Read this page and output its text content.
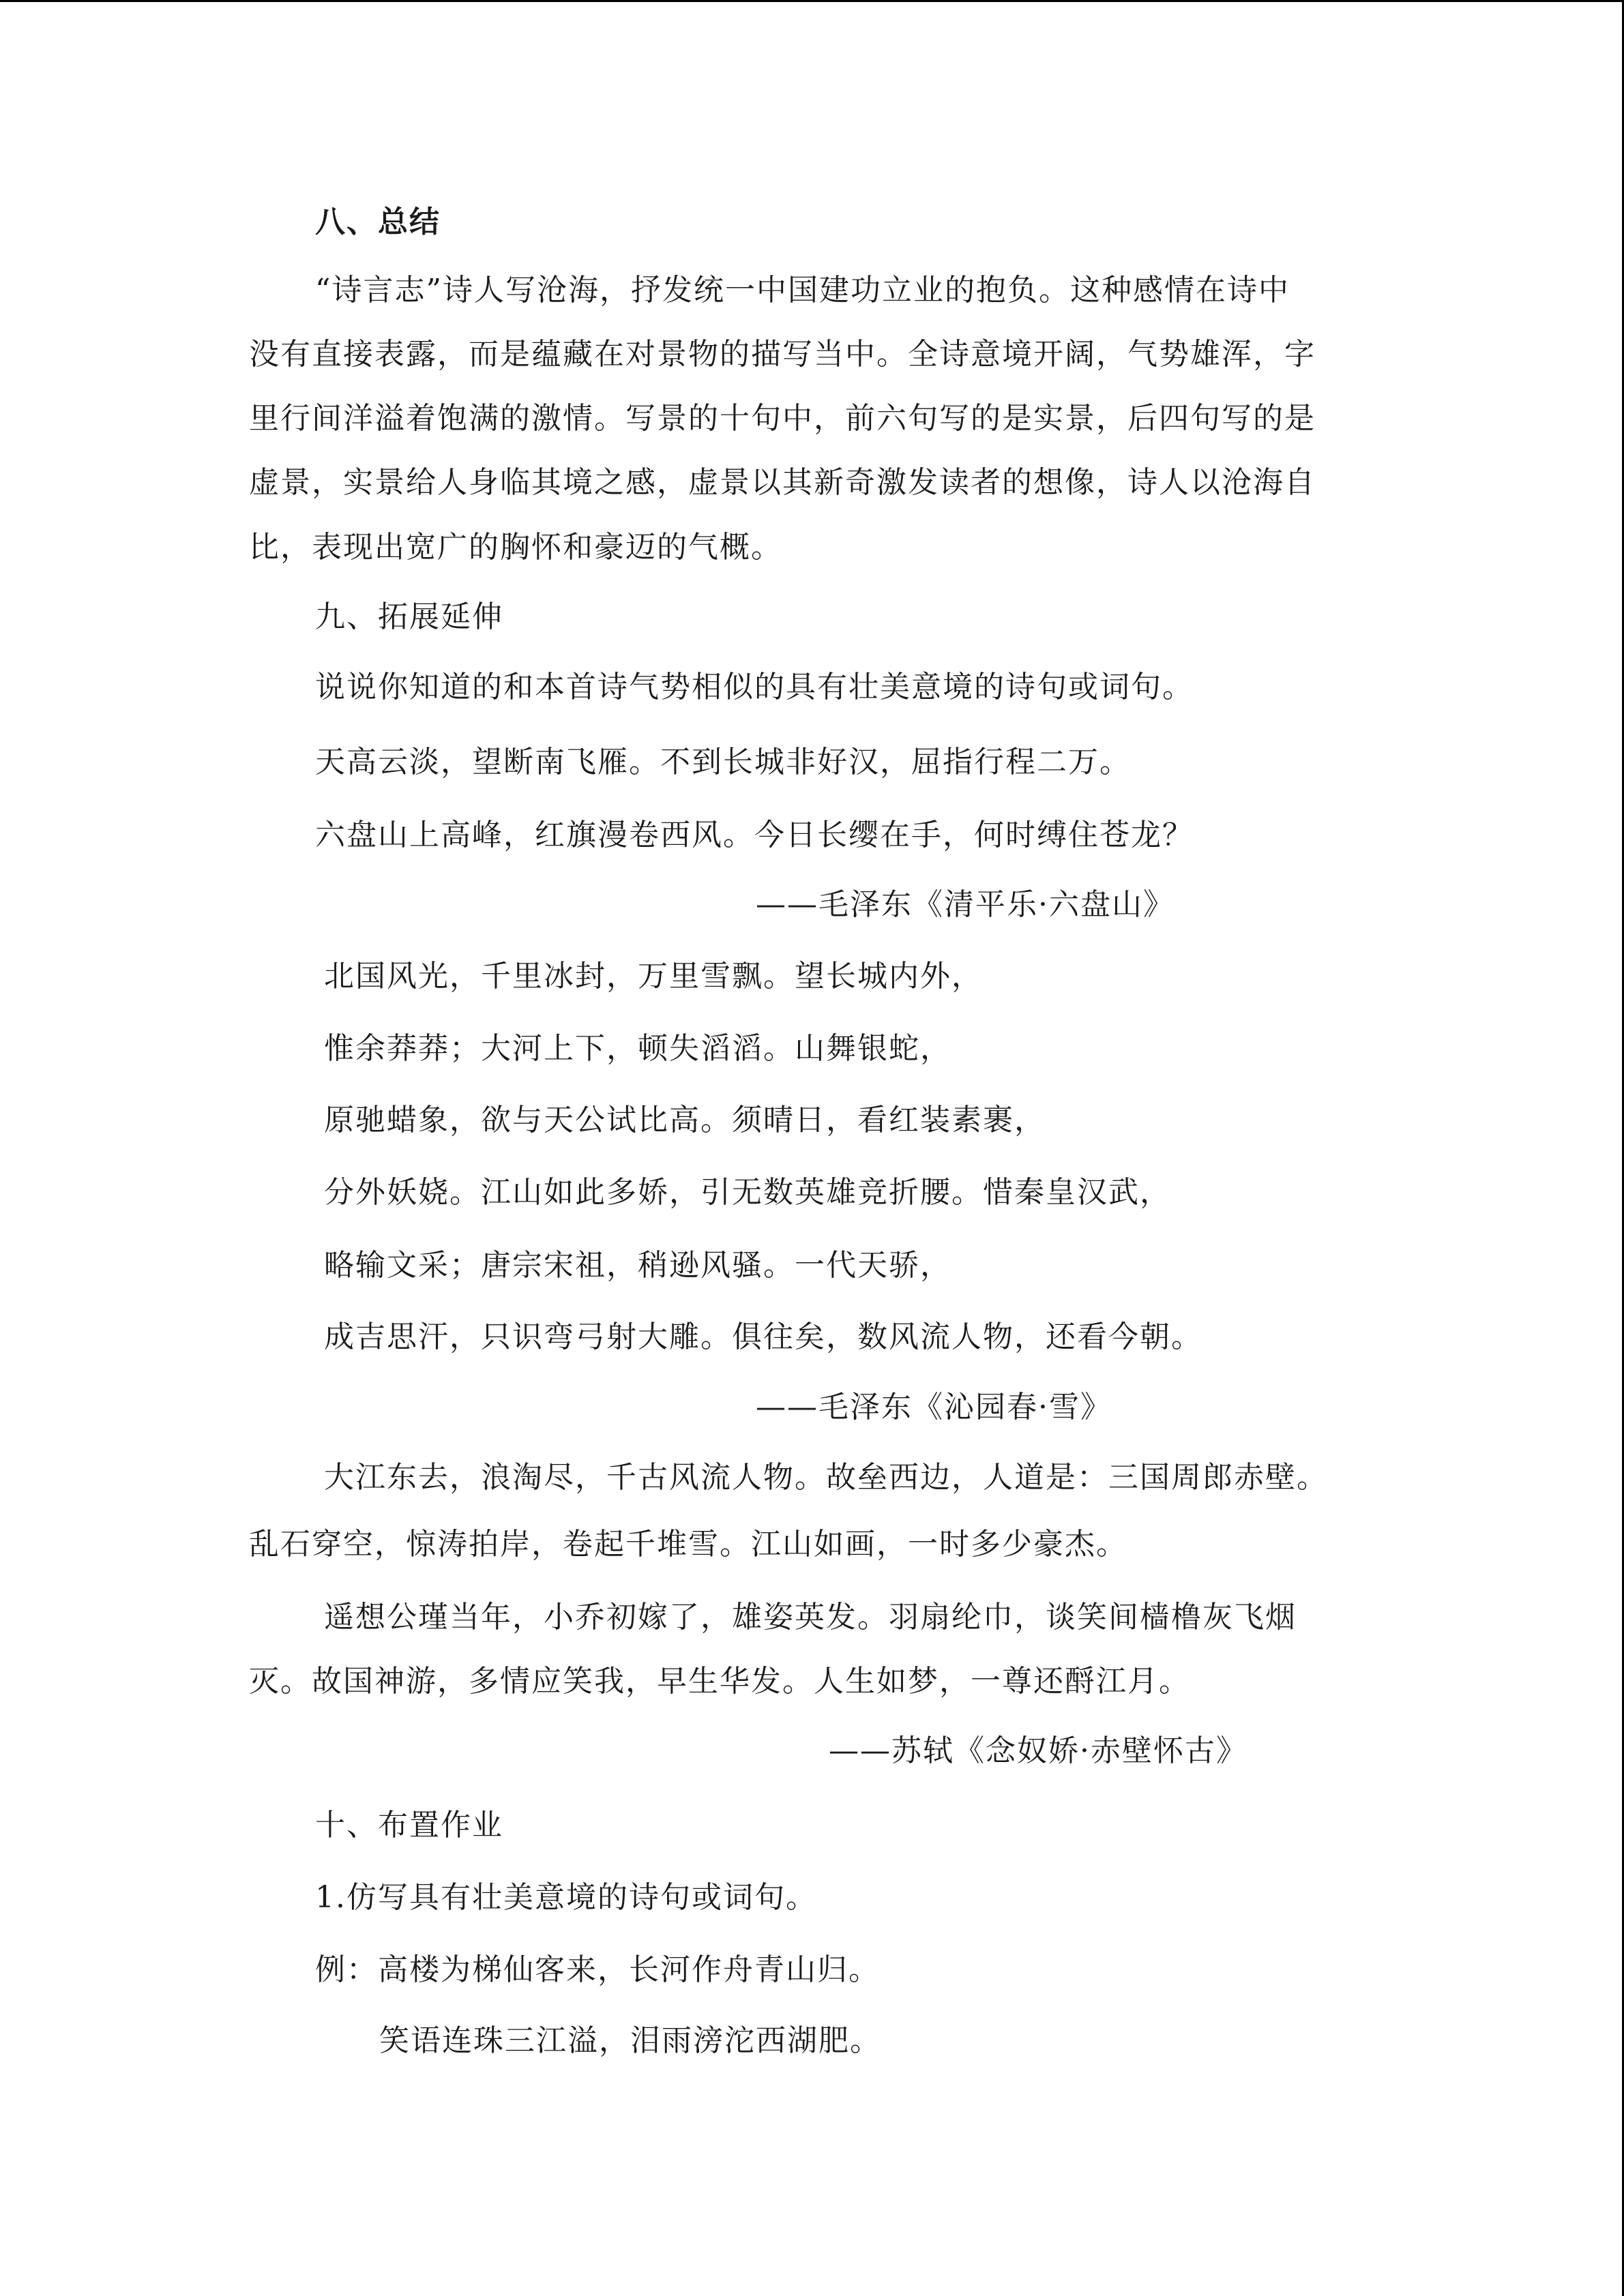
八、总结

“诗言志”诗人写沧海，抒发统一中国建功立业的抱负。这种感情在诗中

没有直接表露，而是蕴藏在对景物的描写当中。全诗意境开阔，气势雄浑，字

里行间洋溢着饱满的激情。写景的十句中，前六句写的是实景，后四句写的是

虚景，实景给人身临其境之感，虚景以其新奇激发读者的想像，诗人以沧海自

比，表现出宽广的胸怀和豪迈的气概。

九、拓展延伸

说说你知道的和本首诗气势相似的具有壮美意境的诗句或词句。

天高云淡，望断南飞雁。不到长城非好汉，屈指行程二万。

六盘山上高峰，红旗漫卷西风。今日长缨在手，何时缚住苍龙？

——毛泽东《清平乐·六盘山》

北国风光，千里冰封，万里雪飘。望长城内外，

惟余莽莽；大河上下，顿失滔滔。山舞银蛇，

原驰蜡象，欲与天公试比高。须晴日，看红装素裹，

分外妖娆。江山如此多娇，引无数英雄竞折腰。惜秦皇汉武，

略输文采；唐宗宋祖，稍逊风骚。一代天骄，

成吉思汗，只识弯弓射大雕。俱往矣，数风流人物，还看今朝。

——毛泽东《沁园春·雪》

大江东去，浪淘尽，千古风流人物。故垒西边，人道是：三国周郎赤壁。

乱石穿空，惊涛拍岸，卷起千堆雪。江山如画，一时多少豪杰。

遥想公瑾当年，小乔初嫁了，雄姿英发。羽扇纶巾，谈笑间樯橹灰飞烟

灭。故国神游，多情应笑我，早生华发。人生如梦，一尊还酹江月。

——苏轼《念奴娇·赤壁怀古》

十、布置作业

1.仿写具有壮美意境的诗句或词句。

例：高楼为梯仙客来，长河作舟青山归。

笑语连珠三江溢，泪雨滂沱西湖肥。
